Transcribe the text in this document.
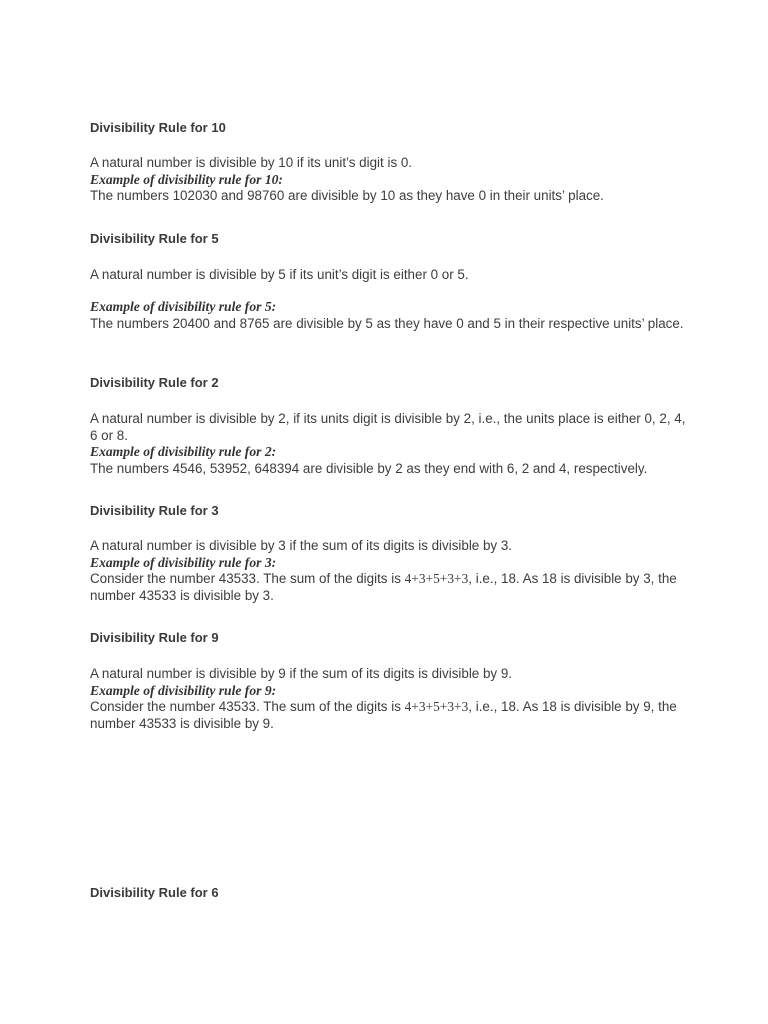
Divisibility Rule for 10
A natural number is divisible by 10 if its unit’s digit is 0.
Example of divisibility rule for 10:
The numbers 102030 and 98760 are divisible by 10 as they have 0 in their units’ place.
Divisibility Rule for 5
A natural number is divisible by 5 if its unit’s digit is either 0 or 5.
Example of divisibility rule for 5:
The numbers 20400 and 8765 are divisible by 5 as they have 0 and 5 in their respective units’ place.
Divisibility Rule for 2
A natural number is divisible by 2, if its units digit is divisible by 2, i.e., the units place is either 0, 2, 4, 6 or 8.
Example of divisibility rule for 2:
The numbers 4546, 53952, 648394 are divisible by 2 as they end with 6, 2 and 4, respectively.
Divisibility Rule for 3
A natural number is divisible by 3 if the sum of its digits is divisible by 3.
Example of divisibility rule for 3:
Consider the number 43533. The sum of the digits is 4+3+5+3+3, i.e., 18. As 18 is divisible by 3, the number 43533 is divisible by 3.
Divisibility Rule for 9
A natural number is divisible by 9 if the sum of its digits is divisible by 9.
Example of divisibility rule for 9:
Consider the number 43533. The sum of the digits is 4+3+5+3+3, i.e., 18. As 18 is divisible by 9, the number 43533 is divisible by 9.
Divisibility Rule for 6
